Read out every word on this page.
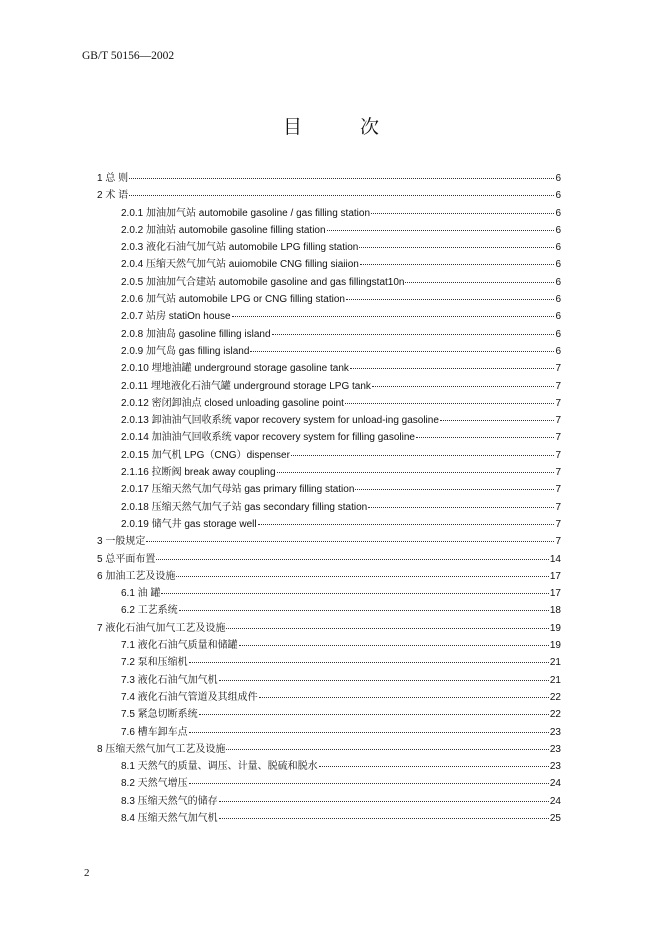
GB/T 50156—2002
目 次
1 总 则	6
2 术 语	6
2.0.1 加油加气站 automobile gasoline / gas filling station	6
2.0.2 加油站 automobile gasoline filling station	6
2.0.3 液化石油气加气站 automobile LPG filling station	6
2.0.4 压缩天然气加气站 auiomobile CNG filling siaiion	6
2.0.5 加油加气合建站 automobile gasoline and gas fillingstat10n	6
2.0.6 加气站 automobile LPG or CNG filling station	6
2.0.7 站房 statiOn house	6
2.0.8 加油岛 gasoline filling island	6
2.0.9 加气岛 gas filling island	6
2.0.10 埋地油罐 underground storage gasoline tank	7
2.0.11 埋地液化石油气罐 underground storage LPG tank	7
2.0.12 密闭卸油点 closed unloading gasoline point	7
2.0.13 卸油油气回收系统 vapor recovery system for unload-ing gasoline	7
2.0.14 加油油气回收系统 vapor recovery system for filling gasoline	7
2.0.15 加气机 LPG（CNG）dispenser	7
2.1.16 拉断阀 break away coupling	7
2.0.17 压缩天然气加气母站 gas primary filling station	7
2.0.18 压缩天然气加气子站 gas secondary filling station	7
2.0.19 储气井 gas storage well	7
3 一般规定	7
5 总平面布置	14
6 加油工艺及设施	17
6.1 油 罐	17
6.2 工艺系统	18
7 液化石油气加气工艺及设施	19
7.1 液化石油气质量和储罐	19
7.2 泵和压缩机	21
7.3 液化石油气加气机	21
7.4 液化石油气管道及其组成件	22
7.5 紧急切断系统	22
7.6 槽车卸车点	23
8 压缩天然气加气工艺及设施	23
8.1 天然气的质量、调压、计量、脱硫和脱水	23
8.2 天然气增压	24
8.3 压缩天然气的储存	24
8.4 压缩天然气加气机	25
2
